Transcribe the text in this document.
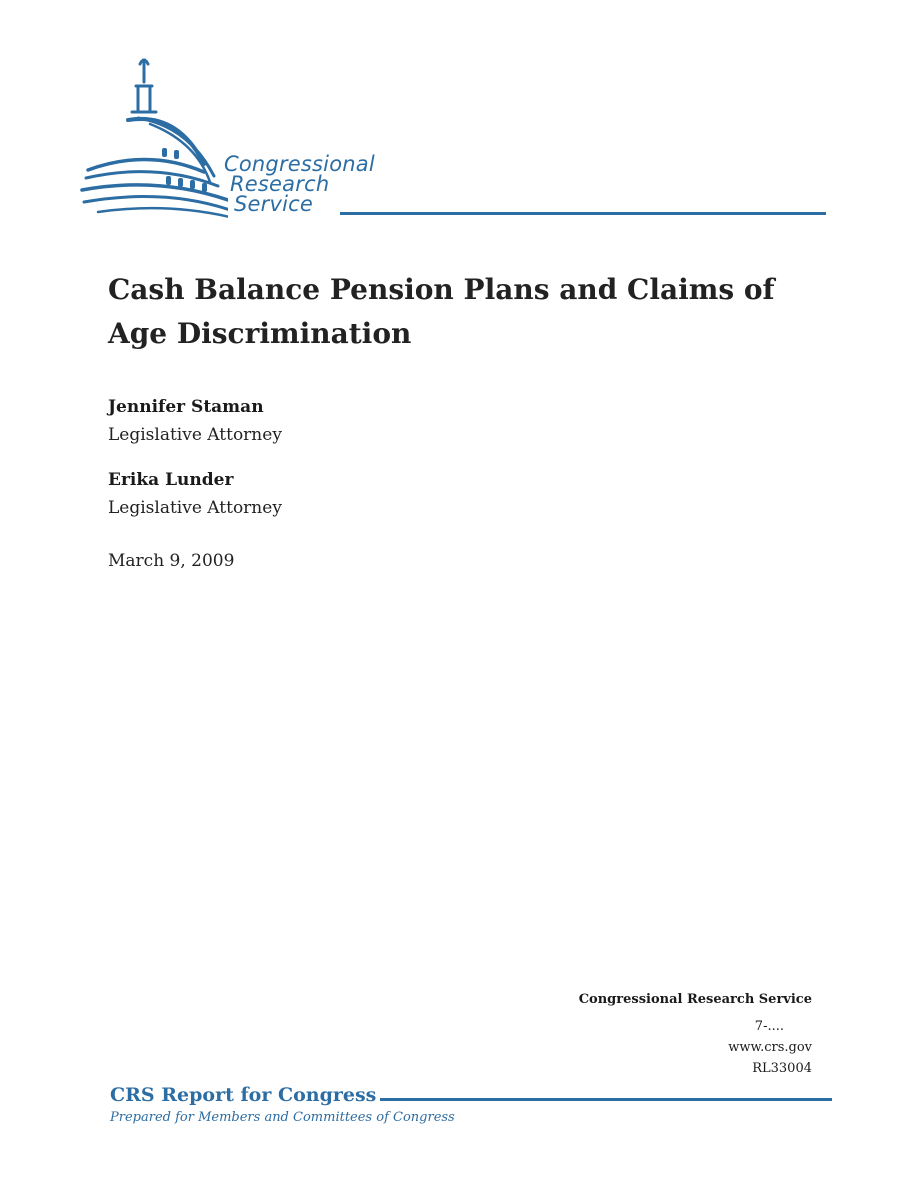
Congressional
Research
Service
Cash Balance Pension Plans and Claims of Age Discrimination
Jennifer Staman
Legislative Attorney
Erika Lunder
Legislative Attorney
March 9, 2009
Congressional Research Service
7-....
www.crs.gov
RL33004
CRS Report for Congress
Prepared for Members and Committees of Congress
